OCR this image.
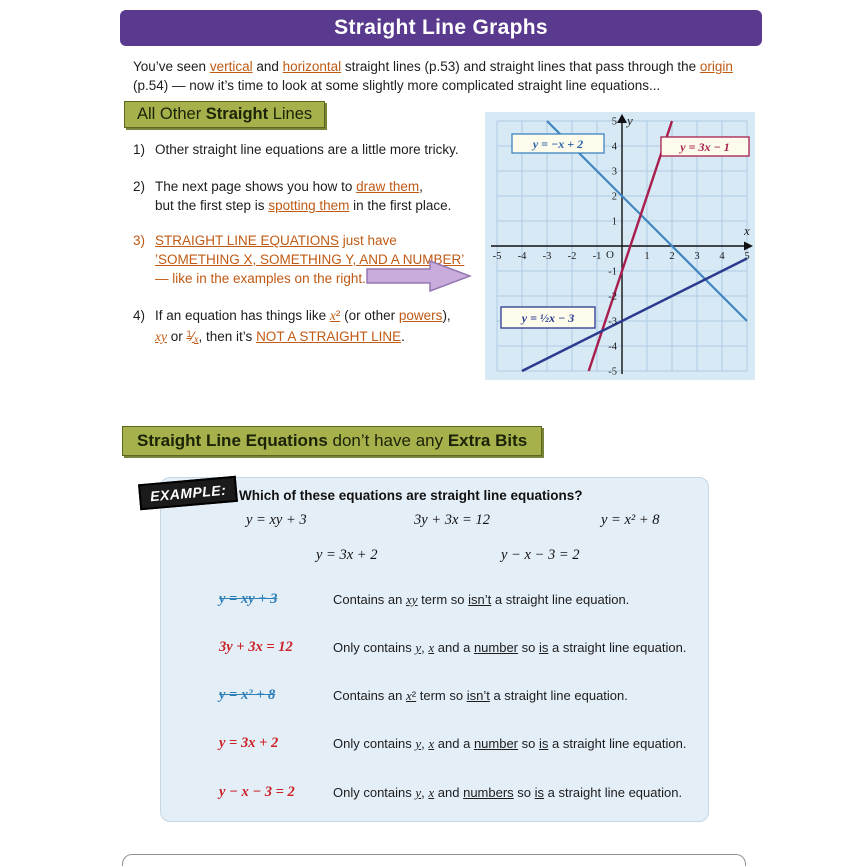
Straight Line Graphs

You’ve seen vertical and horizontal straight lines (p.53) and straight lines that pass through the origin
(p.54) — now it’s time to look at some slightly more complicated straight line equations...

All Other Straight Lines
1) Other straight line equations are a little more tricky.
2) The next page shows you how to draw them,
but the first step is spotting them in the first place.
3) STRAIGHT LINE EQUATIONS just have
’SOMETHING X, SOMETHING Y, AND A NUMBER’
— like in the examples on the right.
4) If an equation has things like x² (or other powers),
xy or $^1$⁄x, then it’s NOT A STRAIGHT LINE.
-5 -4 -3 -2 -1	1 2 3 4 5
5
4
3
2
1
-1
-2
-3
-4
-5
O
x
y
y = −x + 2	y = 3x − 1
y = ½x − 3
Straight Line Equations don’t have any Extra Bits
EXAMPLE: Which of these equations are straight line equations?
y = xy + 3	3y + 3x = 12	y = x² + 8
y = 3x + 2	y − x − 3 = 2
y = xy + 3	Contains an xy term so isn’t a straight line equation.
3y + 3x = 12	Only contains y, x and a number so is a straight line equation.
y = x² + 8	Contains an x² term so isn’t a straight line equation.
y = 3x + 2	Only contains y, x and a number so is a straight line equation.
y − x − 3 = 2	Only contains y, x and numbers so is a straight line equation.
